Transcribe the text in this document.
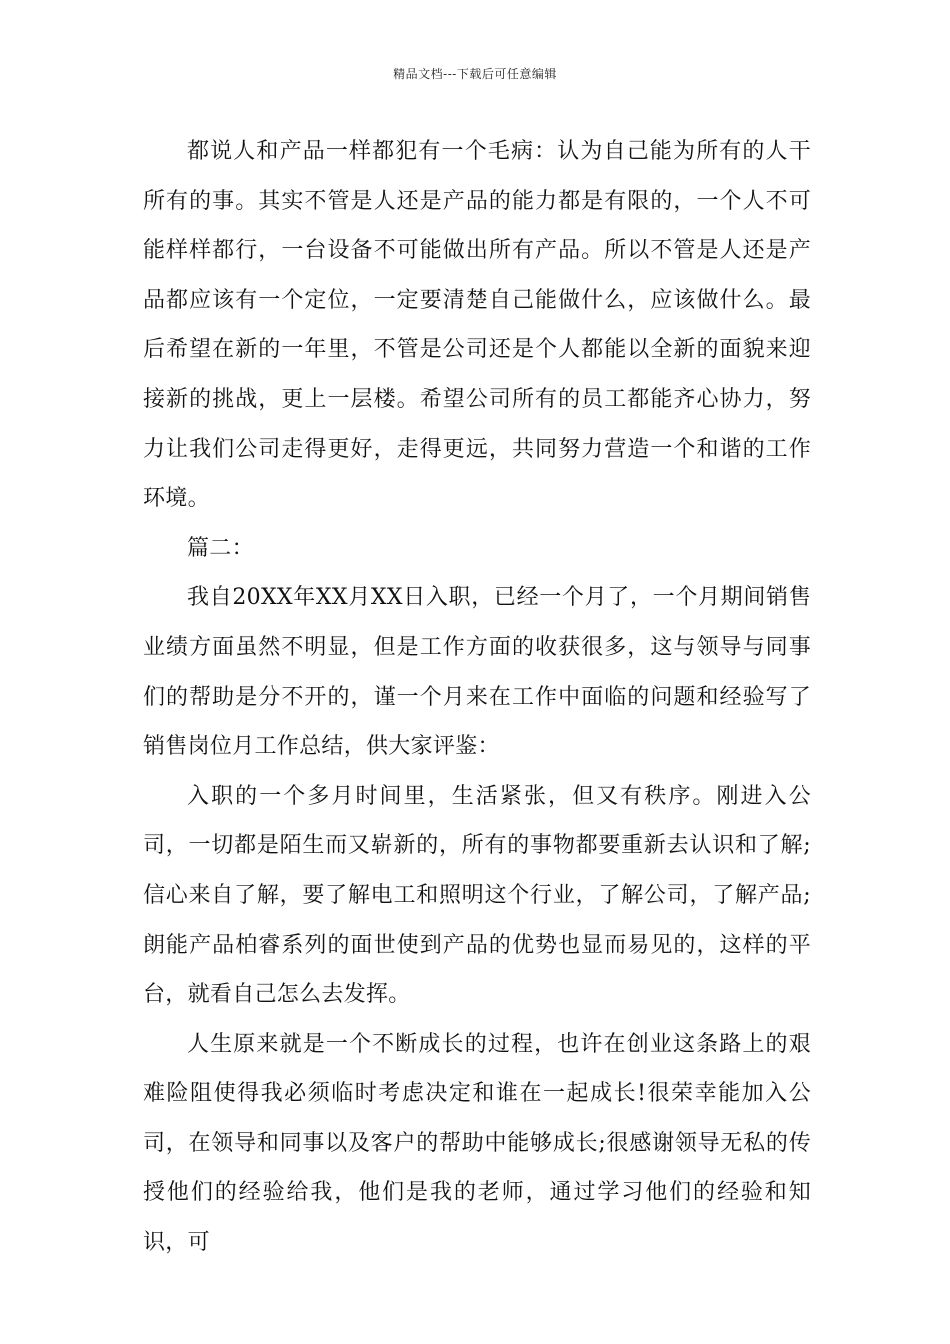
精品文档---下载后可任意编辑

都说人和产品一样都犯有一个毛病：认为自己能为所有的人干所有的事。其实不管是人还是产品的能力都是有限的，一个人不可能样样都行，一台设备不可能做出所有产品。所以不管是人还是产品都应该有一个定位，一定要清楚自己能做什么，应该做什么。最后希望在新的一年里，不管是公司还是个人都能以全新的面貌来迎接新的挑战，更上一层楼。希望公司所有的员工都能齐心协力，努力让我们公司走得更好，走得更远，共同努力营造一个和谐的工作环境。

篇二：

我自20XX年XX月XX日入职，已经一个月了，一个月期间销售业绩方面虽然不明显，但是工作方面的收获很多，这与领导与同事们的帮助是分不开的，谨一个月来在工作中面临的问题和经验写了销售岗位月工作总结，供大家评鉴：

入职的一个多月时间里，生活紧张，但又有秩序。刚进入公司，一切都是陌生而又崭新的，所有的事物都要重新去认识和了解;信心来自了解，要了解电工和照明这个行业，了解公司，了解产品;朗能产品柏睿系列的面世使到产品的优势也显而易见的，这样的平台，就看自己怎么去发挥。

人生原来就是一个不断成长的过程，也许在创业这条路上的艰难险阻使得我必须临时考虑决定和谁在一起成长!很荣幸能加入公司，在领导和同事以及客户的帮助中能够成长;很感谢领导无私的传授他们的经验给我，他们是我的老师，通过学习他们的经验和知识，可
